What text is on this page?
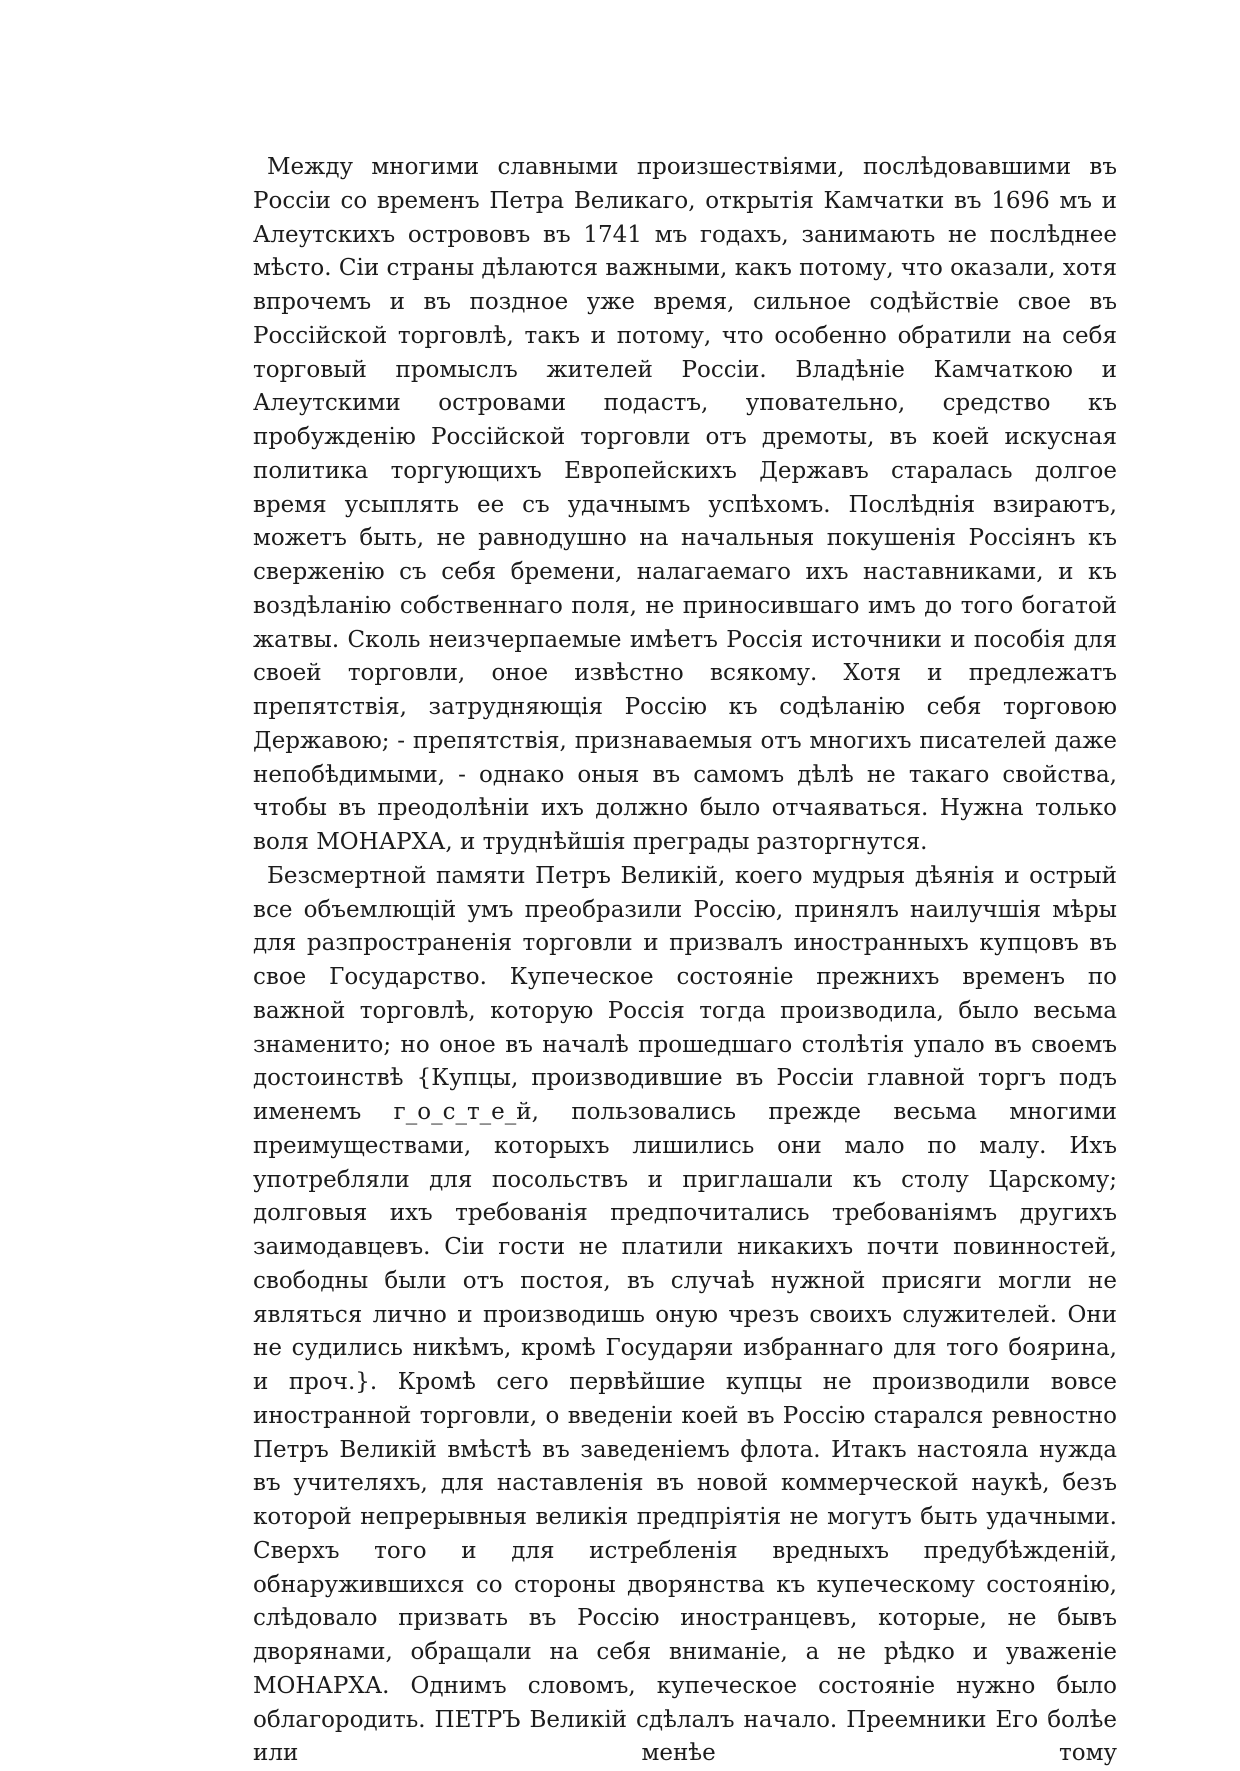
Между многими славными произшествiями, послѣдовавшими въ Россiи со временъ Петра Великаго, открытiя Камчатки въ 1696 мъ и Алеутскихъ островов​ъ въ 1741 мъ годахъ, занимають не послѣднее мѣсто. Сiи страны дѣлаются важными, какъ потому, что оказали, хотя впрочемъ и въ поздное уже время, сильное содѣйствiе свое въ Россiйской торговлѣ, такъ и потому, что особенно обратили на себя торговый промыслъ жителей Россiи. Владѣнiе Камчаткою и Алеутскими островами подастъ, уповательно, средство къ пробужденiю Россiйской торговли отъ дремоты, въ коей искусная политика торгующихъ Европейскихъ Державъ старалась долгое время усыплять ее съ удачнымъ успѣхомъ. Послѣднiя взираютъ, можетъ быть, не равнодушно на начальныя покушенiя Россiянъ къ сверженiю съ себя бремени, налагаемаго ихъ наставниками, и къ воздѣланiю собственнаго поля, не приносившаго имъ до того богатой жатвы. Сколь неизчерпаемые имѣетъ Россiя источники и пособiя для своей торговли, оное извѣстно всякому. Хотя и предлежатъ препятствiя, затрудняющiя Россiю къ содѣланiю себя торговою Державою; - препятствiя, признаваемыя отъ многихъ писателей даже непобѣдимыми, - однако оныя въ самомъ дѣлѣ не такаго свойства, чтобы въ преодолѣнiи ихъ должно было отчаяваться. Нужна только воля МОНАРХА, и труднѣйшiя преграды разторгнутся.

Безсмертной памяти Петръ Великiй, коего мудрыя дѣянiя и острый все объемлющiй умъ преобразили Россiю, принялъ наилучшiя мѣры для разпространенiя торговли и призвалъ иностранныхъ купцовъ въ свое Государство. Купеческое состоянiе прежнихъ временъ по важной торговлѣ, которую Россiя тогда производила, было весьма знаменито; но оное въ началѣ прошедшаго столѣтiя упало въ своемъ достоинствѣ {Купцы, производившие въ Россiи главной торгъ подъ именемъ г_о_с_т_е_й, пользовались прежде весьма многими преимуществами, которыхъ лишились они мало по малу. Ихъ употребляли для посольствъ и приглашали къ столу Царскому; долговыя ихъ требованiя предпочитались требованiямъ другихъ заимодавцевъ. Сiи гости не платили никакихъ почти повинностей, свободны были отъ постоя, въ случаѣ нужной присяги могли не являться лично и производишь оную чрезъ своихъ служителей. Они не судились никѣмъ, кромѣ Государяи избраннаго для того боярина, и проч.}. Кромѣ сего первѣйшие купцы не производили вовсе иностранной торговли, о введенiи коей въ Россiю старался ревностно Петръ Великiй вмѣстѣ въ заведенiемъ флота. Итакъ настояла нужда въ учителяхъ, для наставленiя въ новой коммерческой наукѣ, безъ которой непрерывныя великiя предпрiятiя не могутъ быть удачными. Сверхъ того и для истребленiя вредныхъ предубѣжденiй, обнаружившихся со стороны дворянства къ купеческому состоянiю, слѣдовало призвать въ Россiю иностранцевъ, которые, не бывъ дворянами, обращали на себя вниманiе, а не рѣдко и уваженiе МОНАРХА. Однимъ словомъ, купеческое состоянiе нужно было облагородить. ПЕТРЪ Великiй сдѣлалъ начало. Преемники Его болѣе или менѣе тому
